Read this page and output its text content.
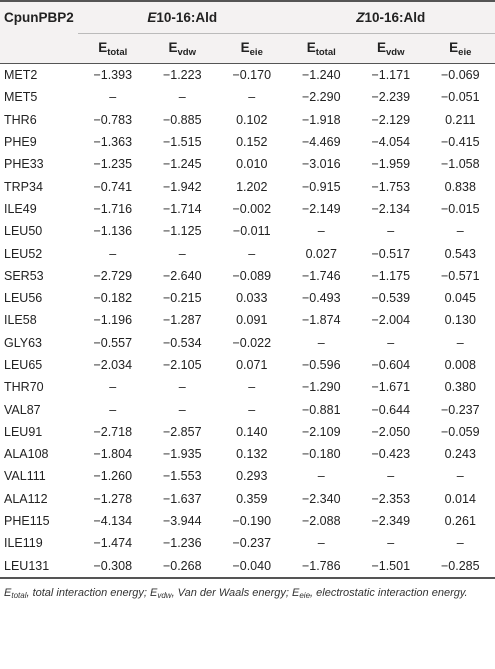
CpunPBP2	E10-16:Ald			Z10-16:Ald		
	$E_{total}$	$E_{vdw}$	$E_{eie}$	$E_{total}$	$E_{vdw}$	$E_{eie}$
MET2	−1.393	−1.223	−0.170	−1.240	−1.171	−0.069
MET5	–	–	–	−2.290	−2.239	−0.051
THR6	−0.783	−0.885	0.102	−1.918	−2.129	0.211
PHE9	−1.363	−1.515	0.152	−4.469	−4.054	−0.415
PHE33	−1.235	−1.245	0.010	−3.016	−1.959	−1.058
TRP34	−0.741	−1.942	1.202	−0.915	−1.753	0.838
ILE49	−1.716	−1.714	−0.002	−2.149	−2.134	−0.015
LEU50	−1.136	−1.125	−0.011	–	–	–
LEU52	–	–	–	0.027	−0.517	0.543
SER53	−2.729	−2.640	−0.089	−1.746	−1.175	−0.571
LEU56	−0.182	−0.215	0.033	−0.493	−0.539	0.045
ILE58	−1.196	−1.287	0.091	−1.874	−2.004	0.130
GLY63	−0.557	−0.534	−0.022	–	–	–
LEU65	−2.034	−2.105	0.071	−0.596	−0.604	0.008
THR70	–	–	–	−1.290	−1.671	0.380
VAL87	–	–	–	−0.881	−0.644	−0.237
LEU91	−2.718	−2.857	0.140	−2.109	−2.050	−0.059
ALA108	−1.804	−1.935	0.132	−0.180	−0.423	0.243
VAL111	−1.260	−1.553	0.293	–	–	–
ALA112	−1.278	−1.637	0.359	−2.340	−2.353	0.014
PHE115	−4.134	−3.944	−0.190	−2.088	−2.349	0.261
ILE119	−1.474	−1.236	−0.237	–	–	–
LEU131	−0.308	−0.268	−0.040	−1.786	−1.501	−0.285
$E_{total}$, total interaction energy; $E_{vdw}$, Van der Waals energy; $E_{eie}$, electrostatic interaction energy.
